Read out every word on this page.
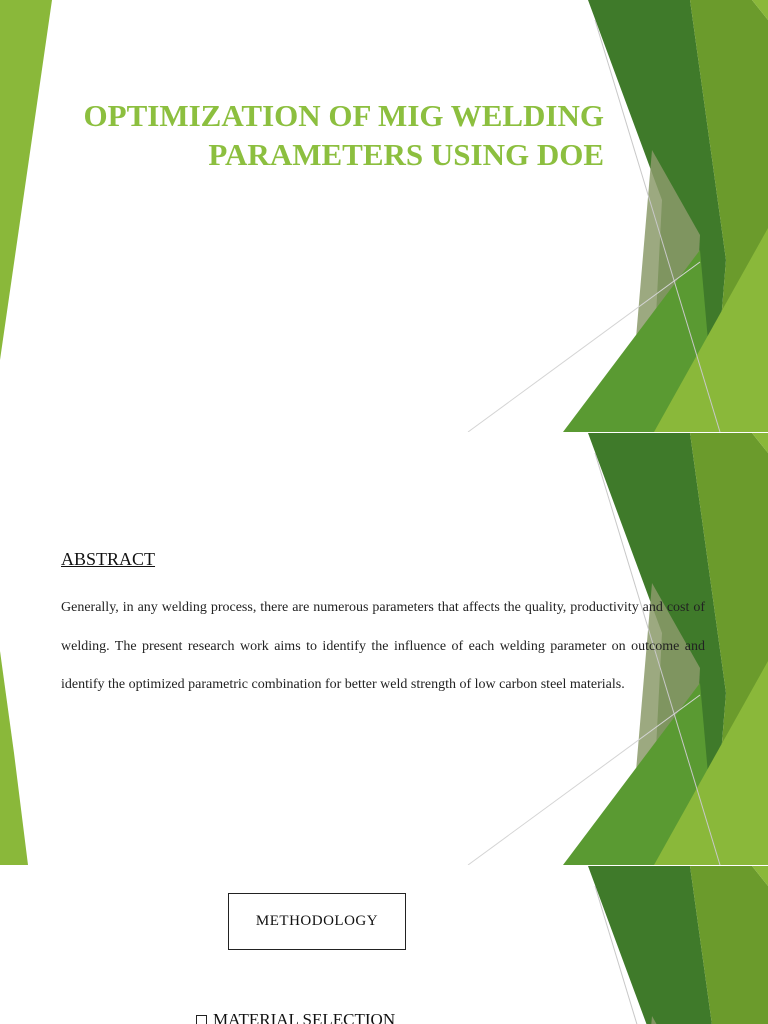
OPTIMIZATION OF MIG WELDING
PARAMETERS USING DOE
ABSTRACT

Generally, in any welding process, there are numerous parameters that affects the quality, productivity and cost of welding. The present research work aims to identify the influence of each welding parameter on outcome and identify the optimized parametric combination for better weld strength of low carbon steel materials.

METHODOLOGY
MATERIAL SELECTION
